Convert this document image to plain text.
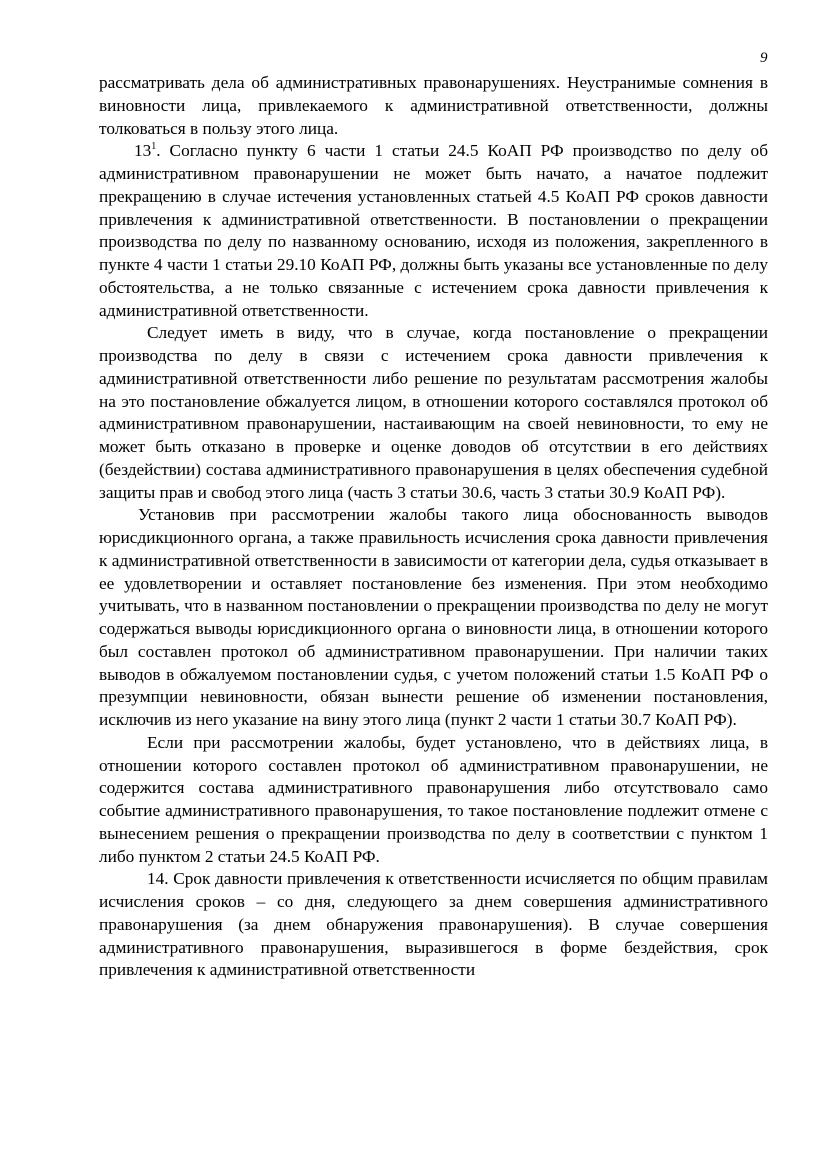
9

рассматривать дела об административных правонарушениях. Неустранимые сомнения в виновности лица, привлекаемого к административной ответственности, должны толковаться в пользу этого лица.

$13^1$. Согласно пункту 6 части 1 статьи 24.5 КоАП РФ производство по делу об административном правонарушении не может быть начато, а начатое подлежит прекращению в случае истечения установленных статьей 4.5 КоАП РФ сроков давности привлечения к административной ответственности. В постановлении о прекращении производства по делу по названному основанию, исходя из положения, закрепленного в пункте 4 части 1 статьи 29.10 КоАП РФ, должны быть указаны все установленные по делу обстоятельства, а не только связанные с истечением срока давности привлечения к административной ответственности.

Следует иметь в виду, что в случае, когда постановление о прекращении производства по делу в связи с истечением срока давности привлечения к административной ответственности либо решение по результатам рассмотрения жалобы на это постановление обжалуется лицом, в отношении которого составлялся протокол об административном правонарушении, настаивающим на своей невиновности, то ему не может быть отказано в проверке и оценке доводов об отсутствии в его действиях (бездействии) состава административного правонарушения в целях обеспечения судебной защиты прав и свобод этого лица (часть 3 статьи 30.6, часть 3 статьи 30.9 КоАП РФ).

Установив при рассмотрении жалобы такого лица обоснованность выводов юрисдикционного органа, а также правильность исчисления срока давности привлечения к административной ответственности в зависимости от категории дела, судья отказывает в ее удовлетворении и оставляет постановление без изменения. При этом необходимо учитывать, что в названном постановлении о прекращении производства по делу не могут содержаться выводы юрисдикционного органа о виновности лица, в отношении которого был составлен протокол об административном правонарушении. При наличии таких выводов в обжалуемом постановлении судья, с учетом положений статьи 1.5 КоАП РФ о презумпции невиновности, обязан вынести решение об изменении постановления, исключив из него указание на вину этого лица (пункт 2 части 1 статьи 30.7 КоАП РФ).

Если при рассмотрении жалобы, будет установлено, что в действиях лица, в отношении которого составлен протокол об административном правонарушении, не содержится состава административного правонарушения либо отсутствовало само событие административного правонарушения, то такое постановление подлежит отмене с вынесением решения о прекращении производства по делу в соответствии с пунктом 1 либо пунктом 2 статьи 24.5 КоАП РФ.

14. Срок давности привлечения к ответственности исчисляется по общим правилам исчисления сроков – со дня, следующего за днем совершения административного правонарушения (за днем обнаружения правонарушения). В случае совершения административного правонарушения, выразившегося в форме бездействия, срок привлечения к административной ответственности
